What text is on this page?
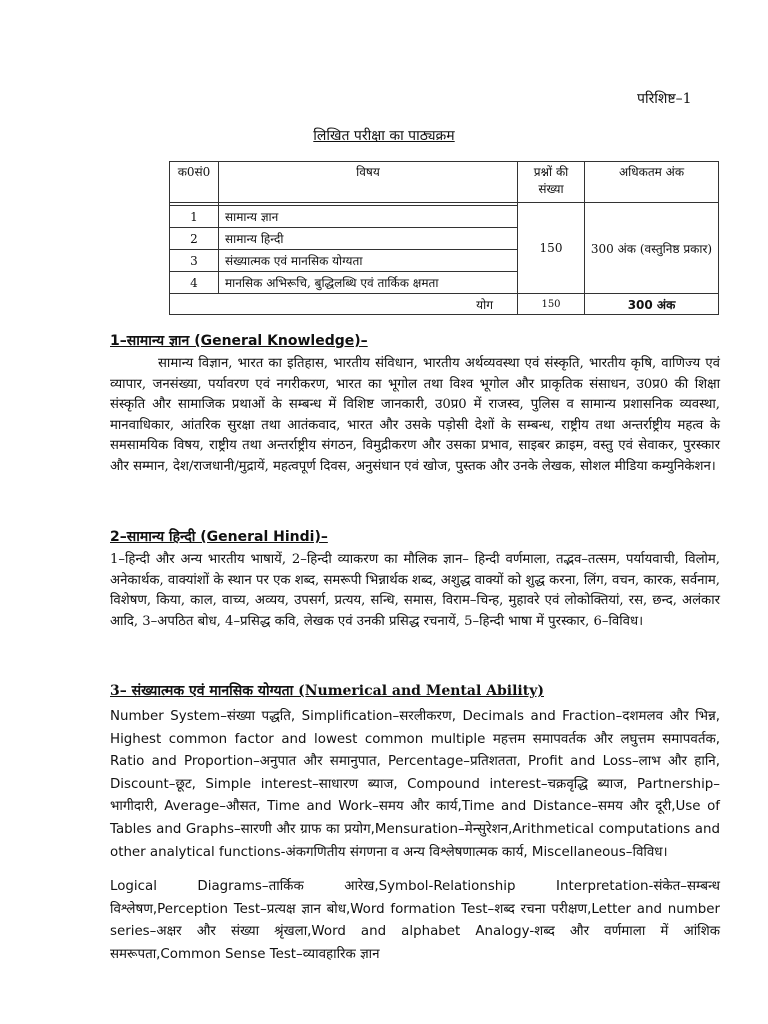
परिशिष्ट–1
लिखित परीक्षा का पाठ्यक्रम
क0सं0	विषय	प्रश्नों की संख्या	अधिकतम अंक
		150	300 अंक (वस्तुनिष्ठ प्रकार)
1	सामान्य ज्ञान		
2	सामान्य हिन्दी		
3	संख्यात्मक एवं मानसिक योग्यता		
4	मानसिक अभिरूचि, बुद्धिलब्धि एवं तार्किक क्षमता		
योग		150	300 अंक

1–सामान्य ज्ञान (General Knowledge)–

सामान्य विज्ञान, भारत का इतिहास, भारतीय संविधान, भारतीय अर्थव्यवस्था एवं संस्कृति, भारतीय कृषि, वाणिज्य एवं व्यापार, जनसंख्या, पर्यावरण एवं नगरीकरण, भारत का भूगोल तथा विश्व भूगोल और प्राकृतिक संसाधन, उ0प्र0 की शिक्षा संस्कृति और सामाजिक प्रथाओं के सम्बन्ध में विशिष्ट जानकारी, उ0प्र0 में राजस्व, पुलिस व सामान्य प्रशासनिक व्यवस्था, मानवाधिकार, आंतरिक सुरक्षा तथा आतंकवाद, भारत और उसके पड़ोसी देशों के सम्बन्ध, राष्ट्रीय तथा अन्तर्राष्ट्रीय महत्व के समसामयिक विषय, राष्ट्रीय तथा अन्तर्राष्ट्रीय संगठन, विमुद्रीकरण और उसका प्रभाव, साइबर क्राइम, वस्तु एवं सेवाकर, पुरस्कार और सम्मान, देश/राजधानी/मुद्रायें, महत्वपूर्ण दिवस, अनुसंधान एवं खोज, पुस्तक और उनके लेखक, सोशल मीडिया कम्युनिकेशन।

2–सामान्य हिन्दी (General Hindi)–

1–हिन्दी और अन्य भारतीय भाषायें, 2–हिन्दी व्याकरण का मौलिक ज्ञान– हिन्दी वर्णमाला, तद्भव–तत्सम, पर्यायवाची, विलोम, अनेकार्थक, वाक्यांशों के स्थान पर एक शब्द, समरूपी भिन्नार्थक शब्द, अशुद्ध वाक्यों को शुद्ध करना, लिंग, वचन, कारक, सर्वनाम, विशेषण, किया, काल, वाच्य, अव्यय, उपसर्ग, प्रत्यय, सन्धि, समास, विराम–चिन्ह, मुहावरे एवं लोकोक्तियां, रस, छन्द, अलंकार आदि, 3–अपठित बोध, 4–प्रसिद्ध कवि, लेखक एवं उनकी प्रसिद्ध रचनायें, 5–हिन्दी भाषा में पुरस्कार, 6–विविध।

3– संख्यात्मक एवं मानसिक योग्यता (Numerical and Mental Ability)

Number System–संख्या पद्धति, Simplification–सरलीकरण, Decimals and Fraction–दशमलव और भिन्न, Highest common factor and lowest common multiple महत्तम समापवर्तक और लघुत्तम समापवर्तक, Ratio and Proportion–अनुपात और समानुपात, Percentage–प्रतिशतता, Profit and Loss–लाभ और हानि, Discount–छूट, Simple interest–साधारण ब्याज, Compound interest–चक्रवृद्धि ब्याज, Partnership–भागीदारी, Average–औसत, Time and Work–समय और कार्य,Time and Distance–समय और दूरी,Use of Tables and Graphs–सारणी और ग्राफ का प्रयोग,Mensuration–मेन्सुरेशन,Arithmetical computations and other analytical functions-अंकगणितीय संगणना व अन्य विश्लेषणात्मक कार्य, Miscellaneous–विविध।

Logical Diagrams–तार्किक आरेख,Symbol-Relationship Interpretation-संकेत–सम्बन्ध विश्लेषण,Perception Test–प्रत्यक्ष ज्ञान बोध,Word formation Test–शब्द रचना परीक्षण,Letter and number series–अक्षर और संख्या श्रृंखला,Word and alphabet Analogy-शब्द और वर्णमाला में आंशिक समरूपता,Common Sense Test–व्यावहारिक ज्ञान
